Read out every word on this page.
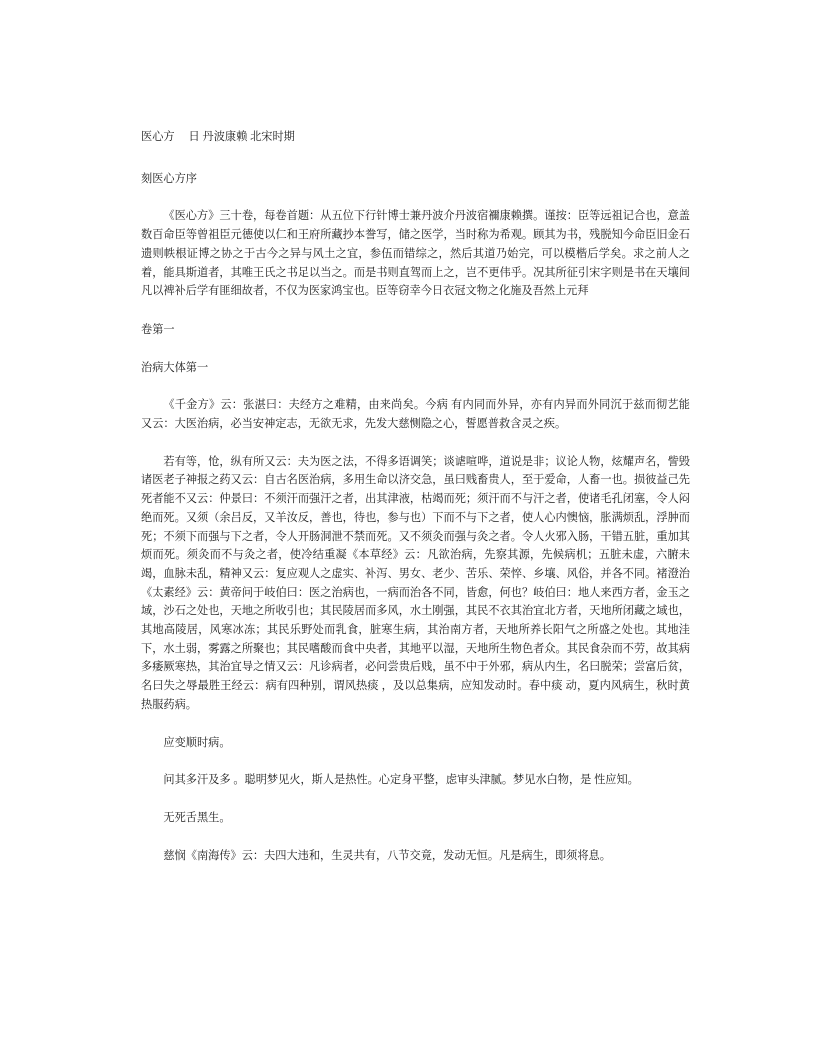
医心方　 日 丹波康赖 北宋时期
刻医心方序
《医心方》三十卷，每卷首题：从五位下行针博士兼丹波介丹波宿禰康赖撰。谨按：臣等远祖记合也，意盖数百命臣等曾祖臣元德使以仁和王府所藏抄本誊写，储之医学，当时称为希观。顾其为书，残脱知今命臣旧金石遗则帙根证博之协之于古今之异与风土之宜，参伍而错综之，然后其道乃始完，可以模楷后学矣。求之前人之着，能具斯道者，其唯王氏之书足以当之。而是书则直驾而上之，岂不更伟乎。况其所征引宋字则是书在天壤间凡以裨补后学有匪细故者，不仅为医家鸿宝也。臣等窃幸今日衣冠文物之化施及吾然上元拜
卷第一
治病大体第一
《千金方》云：张湛曰：夫经方之难精，由来尚矣。今病 有内同而外异，亦有内异而外同沉于兹而彻艺能又云：大医治病，必当安神定志，无欲无求，先发大慈恻隐之心，誓愿普救含灵之疾。
若有等，怆，纵有所又云：夫为医之法，不得多语调笑；谈谑喧哗，道说是非；议论人物，炫耀声名，訾毁诸医老子神报之药又云：自古名医治病，多用生命以济交急，虽曰贱畜贵人，至于爱命，人畜一也。损彼益己先死者能不又云：仲景曰：不须汗而强汗之者，出其津液，枯竭而死；须汗而不与汗之者，使诸毛孔闭塞，令人闷绝而死。又须（余吕反，又羊汝反，善也，待也，参与也）下而不与下之者，使人心内懊恼，胀满烦乱，浮肿而死；不须下而强与下之者，令人开肠洞泄不禁而死。又不须灸而强与灸之者。令人火邪入肠，干错五脏，重加其烦而死。须灸而不与灸之者，使冷结重凝《本草经》云：凡欲治病，先察其源，先候病机；五脏未虚，六腑未竭，血脉未乱，精神又云：复应观人之虚实、补泻、男女、老少、苦乐、荣悴、乡壤、风俗，并各不同。褚澄治《太素经》云：黄帝问于岐伯曰：医之治病也，一病而治各不同，皆愈，何也？岐伯曰：地人来西方者，金玉之域，沙石之处也，天地之所收引也；其民陵居而多风，水土刚强，其民不衣其治宜北方者，天地所闭藏之域也，其地高陵居，风寒冰冻；其民乐野处而乳食，脏寒生病，其治南方者，天地所养长阳气之所盛之处也。其地洼下，水土弱，雾露之所聚也；其民嗜酸而食中央者，其地平以湿，天地所生物色者众。其民食杂而不劳，故其病多痿厥寒热，其治宜导之情又云：凡诊病者，必问尝贵后贱，虽不中于外邪，病从内生，名曰脱荣；尝富后贫，名曰失之辱最胜王经云：病有四种别，谓风热痰 ，及以总集病，应知发动时。春中痰 动，夏内风病生，秋时黄热服药病。
应变顺时病。
问其多汗及多 。聪明梦见火，斯人是热性。心定身平整，虑审头津腻。梦见水白物，是 性应知。
无死舌黑生。
慈悯《南海传》云：夫四大违和，生灵共有，八节交竟，发动无恒。凡是病生，即须将息。
